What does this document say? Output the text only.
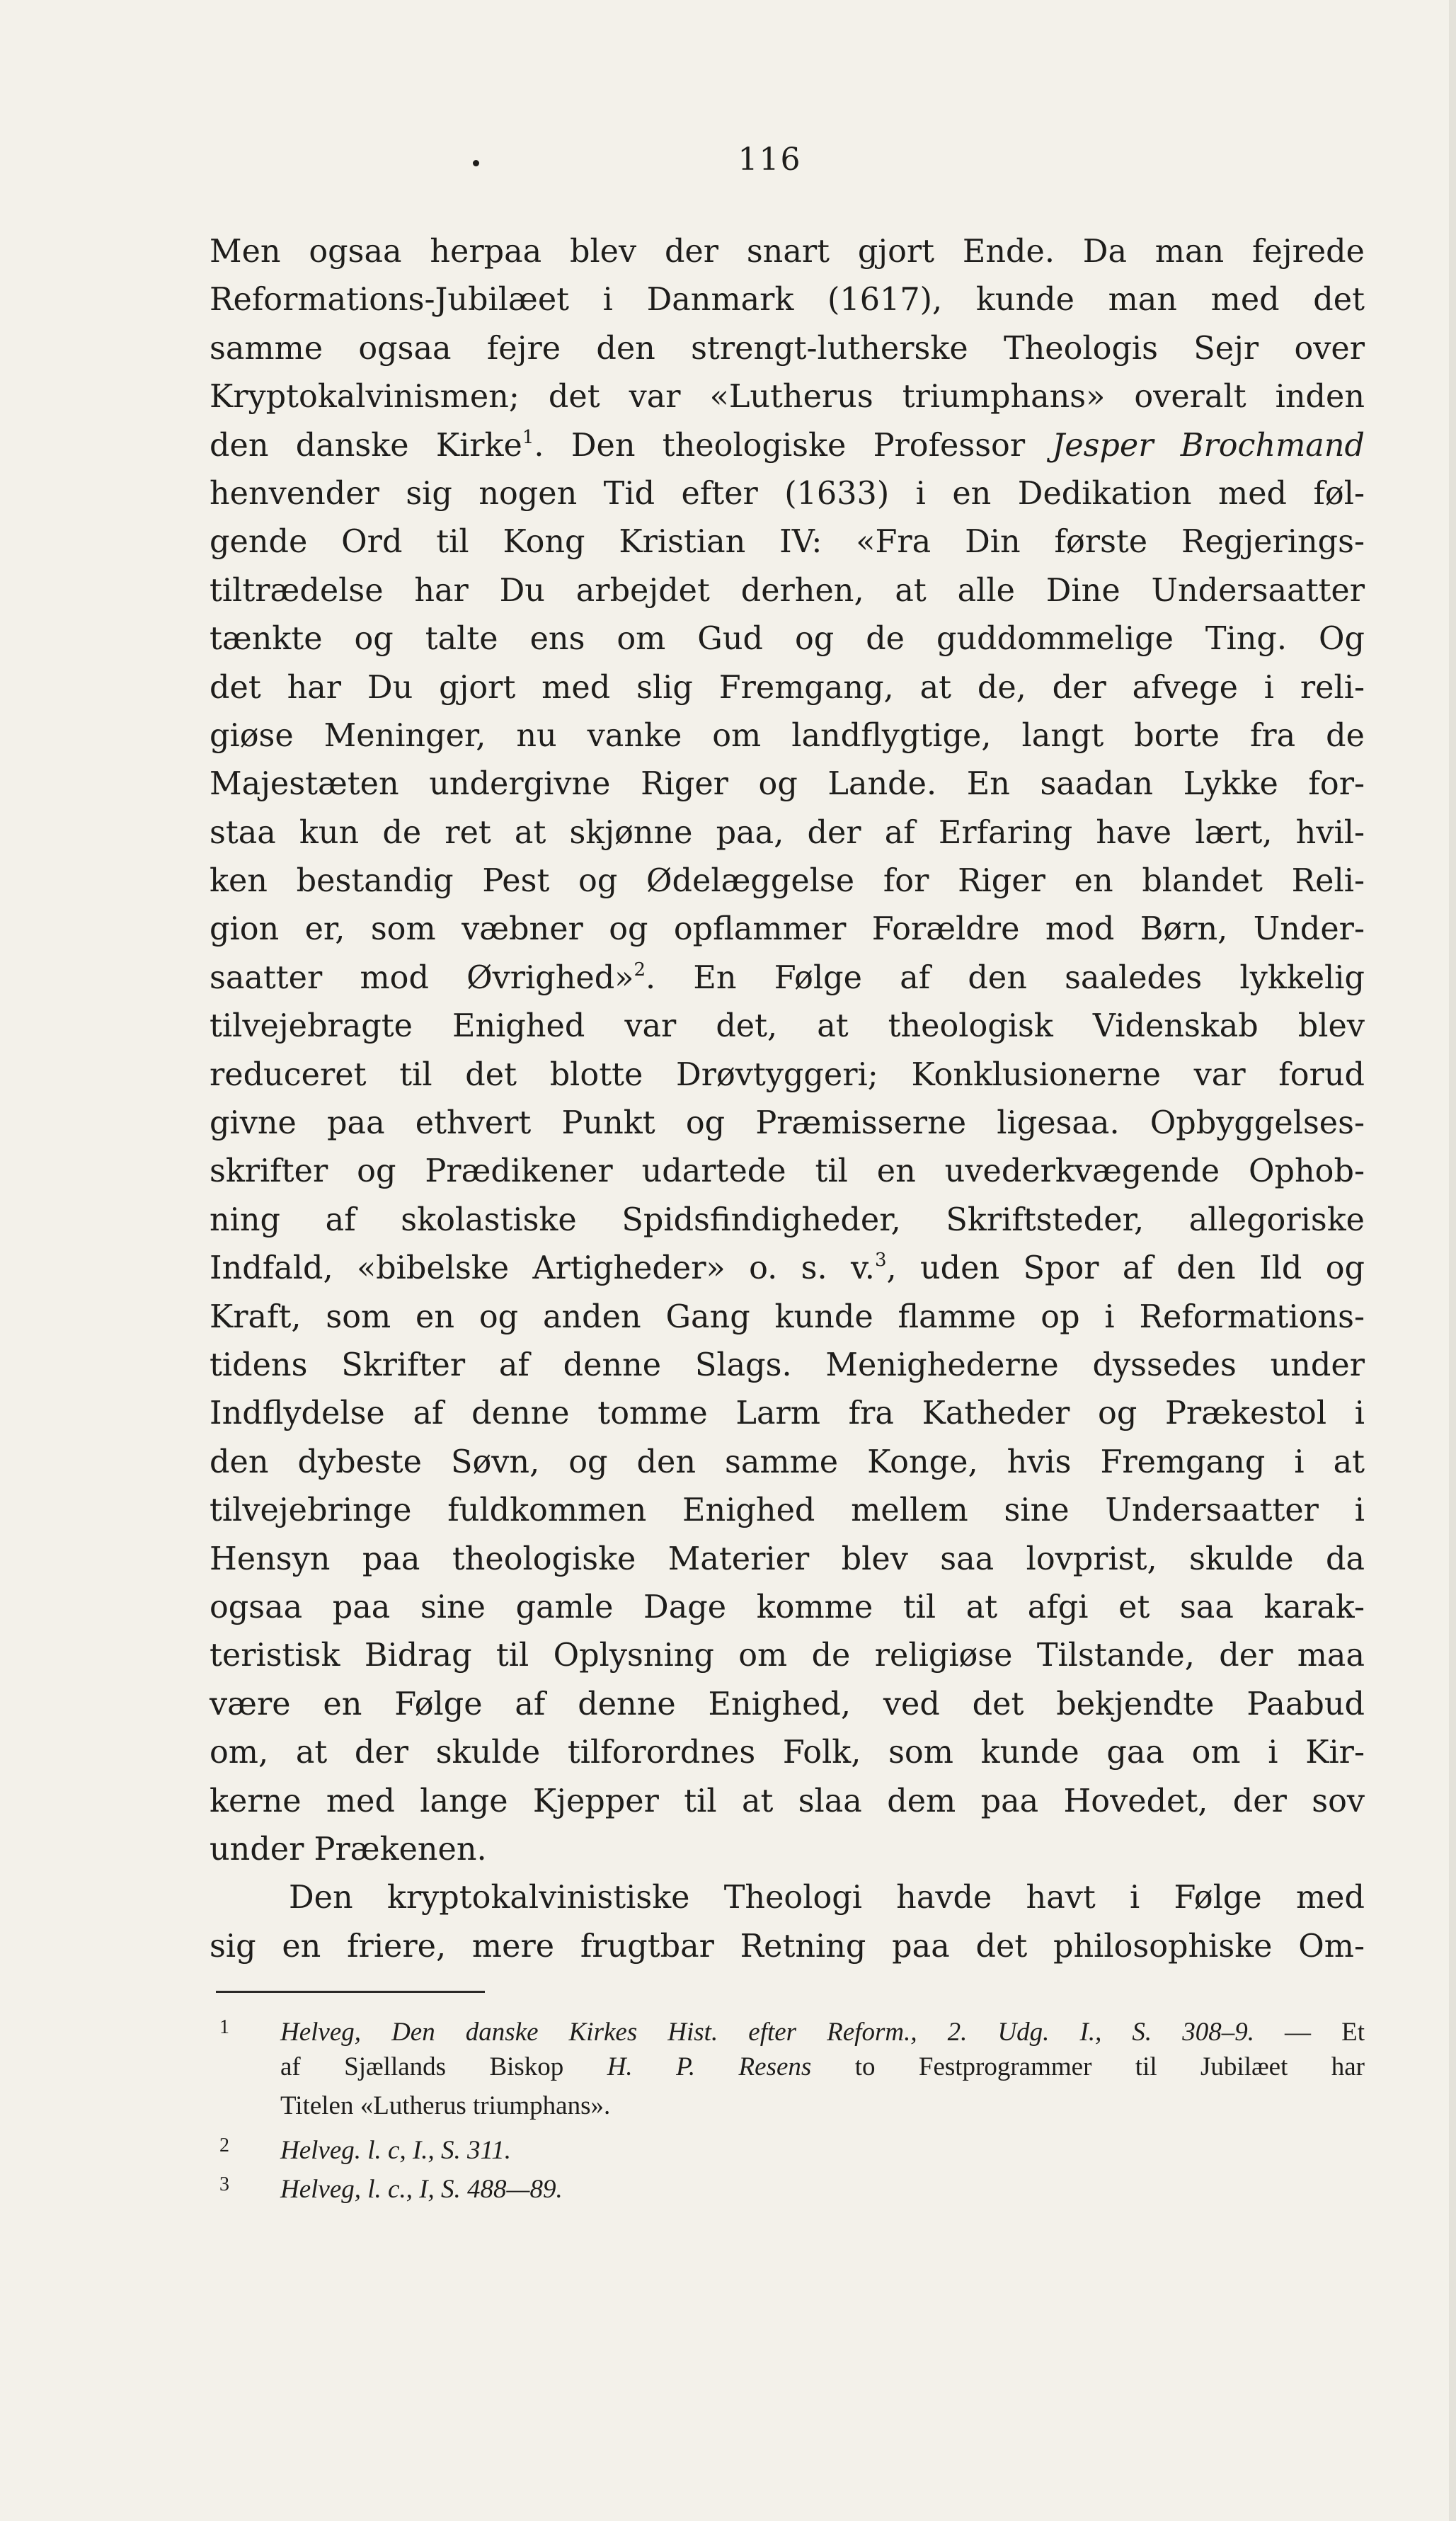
116
Men ogsaa herpaa blev der snart gjort Ende. Da man fejrede
Reformations-Jubilæet i Danmark (1617), kunde man med det
samme ogsaa fejre den strengt-lutherske Theologis Sejr over
Kryptokalvinismen; det var «Lutherus triumphans» overalt inden
den danske Kirke$^1$. Den theologiske Professor Jesper Brochmand
henvender sig nogen Tid efter (1633) i en Dedikation med føl-
gende Ord til Kong Kristian IV: «Fra Din første Regjerings-
tiltrædelse har Du arbejdet derhen, at alle Dine Undersaatter
tænkte og talte ens om Gud og de guddommelige Ting. Og
det har Du gjort med slig Fremgang, at de, der afvege i reli-
giøse Meninger, nu vanke om landflygtige, langt borte fra de
Majestæten undergivne Riger og Lande. En saadan Lykke for-
staa kun de ret at skjønne paa, der af Erfaring have lært, hvil-
ken bestandig Pest og Ødelæggelse for Riger en blandet Reli-
gion er, som væbner og opflammer Forældre mod Børn, Under-
saatter mod Øvrighed»$^2$. En Følge af den saaledes lykkelig
tilvejebragte Enighed var det, at theologisk Videnskab blev
reduceret til det blotte Drøvtyggeri; Konklusionerne var forud
givne paa ethvert Punkt og Præmisserne ligesaa. Opbyggelses-
skrifter og Prædikener udartede til en uvederkvægende Ophob-
ning af skolastiske Spidsfindigheder, Skriftsteder, allegoriske
Indfald, «bibelske Artigheder» o. s. v.$^3$, uden Spor af den Ild og
Kraft, som en og anden Gang kunde flamme op i Reformations-
tidens Skrifter af denne Slags. Menighederne dyssedes under
Indflydelse af denne tomme Larm fra Katheder og Prækestol i
den dybeste Søvn, og den samme Konge, hvis Fremgang i at
tilvejebringe fuldkommen Enighed mellem sine Undersaatter i
Hensyn paa theologiske Materier blev saa lovprist, skulde da
ogsaa paa sine gamle Dage komme til at afgi et saa karak-
teristisk Bidrag til Oplysning om de religiøse Tilstande, der maa
være en Følge af denne Enighed, ved det bekjendte Paabud
om, at der skulde tilforordnes Folk, som kunde gaa om i Kir-
kerne med lange Kjepper til at slaa dem paa Hovedet, der sov
under Prækenen.
Den kryptokalvinistiske Theologi havde havt i Følge med
sig en friere, mere frugtbar Retning paa det philosophiske Om-
1 Helveg, Den danske Kirkes Hist. efter Reform., 2. Udg. I., S. 308–9. — Et
af Sjællands Biskop H. P. Resens to Festprogrammer til Jubilæet har
Titelen «Lutherus triumphans».
2 Helveg. l. c, I., S. 311.
3 Helveg, l. c., I, S. 488—89.
